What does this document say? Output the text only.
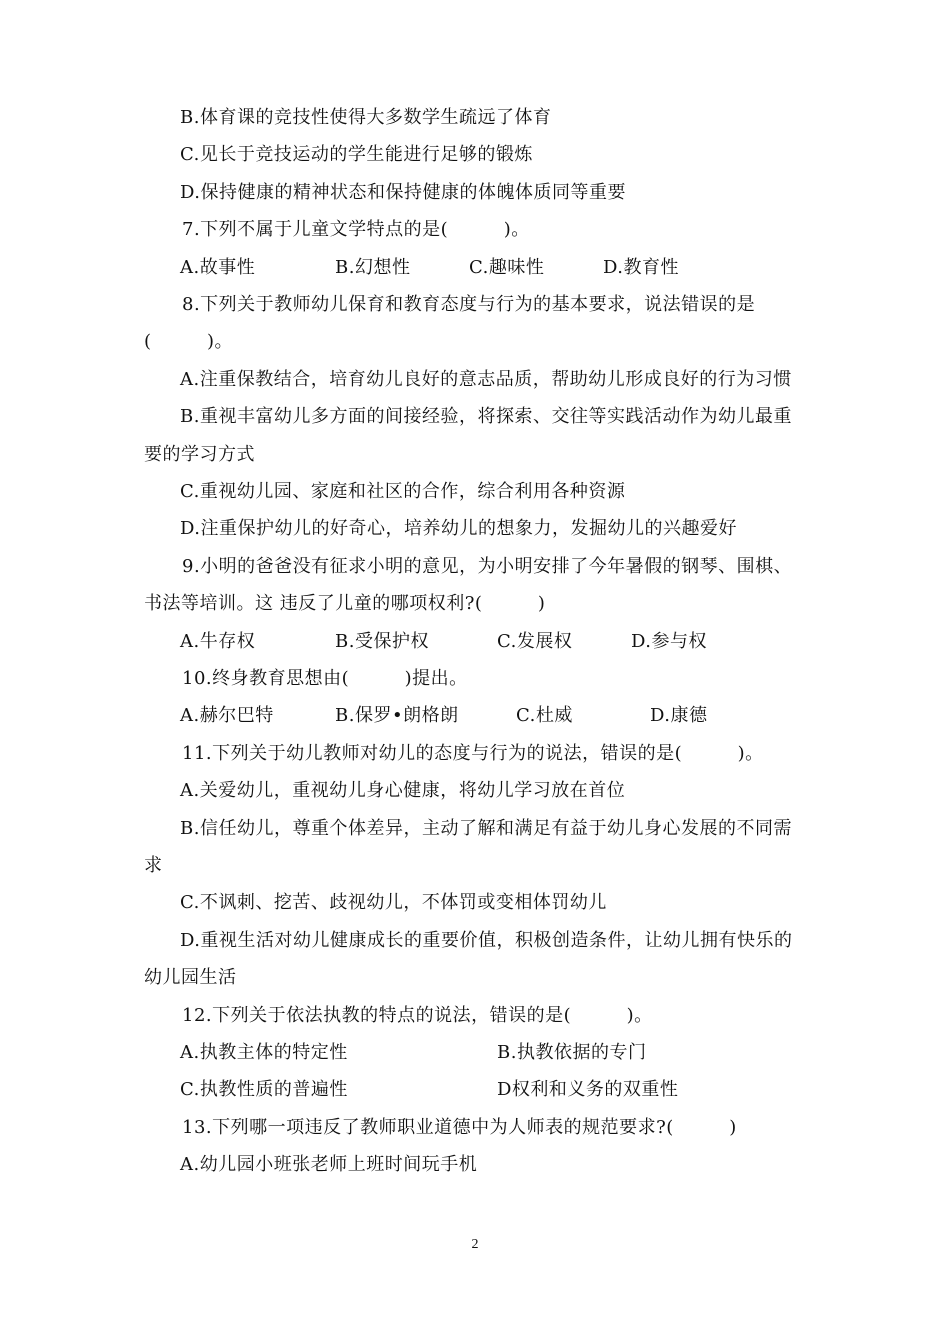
B.体育课的竞技性使得大多数学生疏远了体育
C.见长于竞技运动的学生能进行足够的锻炼
D.保持健康的精神状态和保持健康的体魄体质同等重要
7.下列不属于儿童文学特点的是(　　　)。
A.故事性	B.幻想性	C.趣味性	D.教育性
8.下列关于教师幼儿保育和教育态度与行为的基本要求，说法错误的是
(　　　)。
A.注重保教结合，培育幼儿良好的意志品质，帮助幼儿形成良好的行为习惯
B.重视丰富幼儿多方面的间接经验，将探索、交往等实践活动作为幼儿最重
要的学习方式
C.重视幼儿园、家庭和社区的合作，综合利用各种资源
D.注重保护幼儿的好奇心，培养幼儿的想象力，发掘幼儿的兴趣爱好
9.小明的爸爸没有征求小明的意见，为小明安排了今年暑假的钢琴、围棋、
书法等培训。这 违反了儿童的哪项权利?(　　　)
A.牛存权	B.受保护权	C.发展权	D.参与权
10.终身教育思想由(　　　)提出。
A.赫尔巴特	B.保罗•朗格朗	C.杜威	D.康德
11.下列关于幼儿教师对幼儿的态度与行为的说法，错误的是(　　　)。
A.关爱幼儿，重视幼儿身心健康，将幼儿学习放在首位
B.信任幼儿，尊重个体差异，主动了解和满足有益于幼儿身心发展的不同需
求
C.不讽刺、挖苦、歧视幼儿，不体罚或变相体罚幼儿
D.重视生活对幼儿健康成长的重要价值，积极创造条件，让幼儿拥有快乐的
幼儿园生活
12.下列关于依法执教的特点的说法，错误的是(　　　)。
A.执教主体的特定性	B.执教依据的专门
C.执教性质的普遍性	D权利和义务的双重性
13.下列哪一项违反了教师职业道德中为人师表的规范要求?(　　　)
A.幼儿园小班张老师上班时间玩手机
2
